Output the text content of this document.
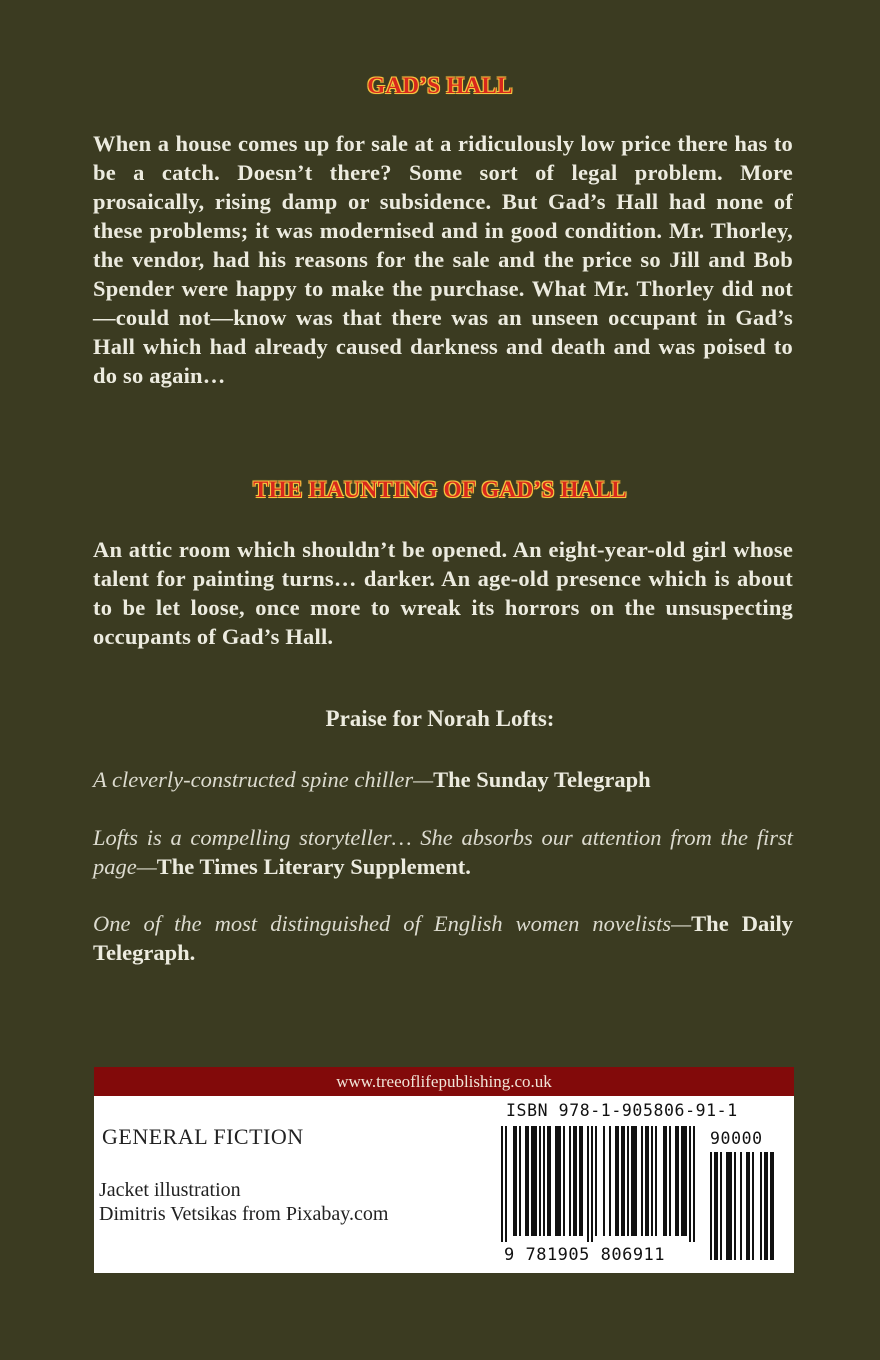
GAD’S HALL
When a house comes up for sale at a ridiculously low price there has to be a catch. Doesn’t there? Some sort of legal problem. More prosaically, rising damp or subsidence. But Gad’s Hall had none of these problems; it was modernised and in good condition. Mr. Thorley, the vendor, had his reasons for the sale and the price so Jill and Bob Spender were happy to make the purchase. What Mr. Thorley did not—could not—know was that there was an unseen occupant in Gad’s Hall which had already caused darkness and death and was poised to do so again…
THE HAUNTING OF GAD’S HALL
An attic room which shouldn’t be opened. An eight-year-old girl whose talent for painting turns… darker. An age-old presence which is about to be let loose, once more to wreak its horrors on the unsuspecting occupants of Gad’s Hall.
Praise for Norah Lofts:
A cleverly-constructed spine chiller—The Sunday Telegraph
Lofts is a compelling storyteller… She absorbs our attention from the first page—The Times Literary Supplement.
One of the most distinguished of English women novelists—The Daily Telegraph.
www.treeoflifepublishing.co.uk
GENERAL FICTION
Jacket illustration
Dimitris Vetsikas from Pixabay.com
ISBN 978-1-905806-91-1
90000
9 781905 806911
